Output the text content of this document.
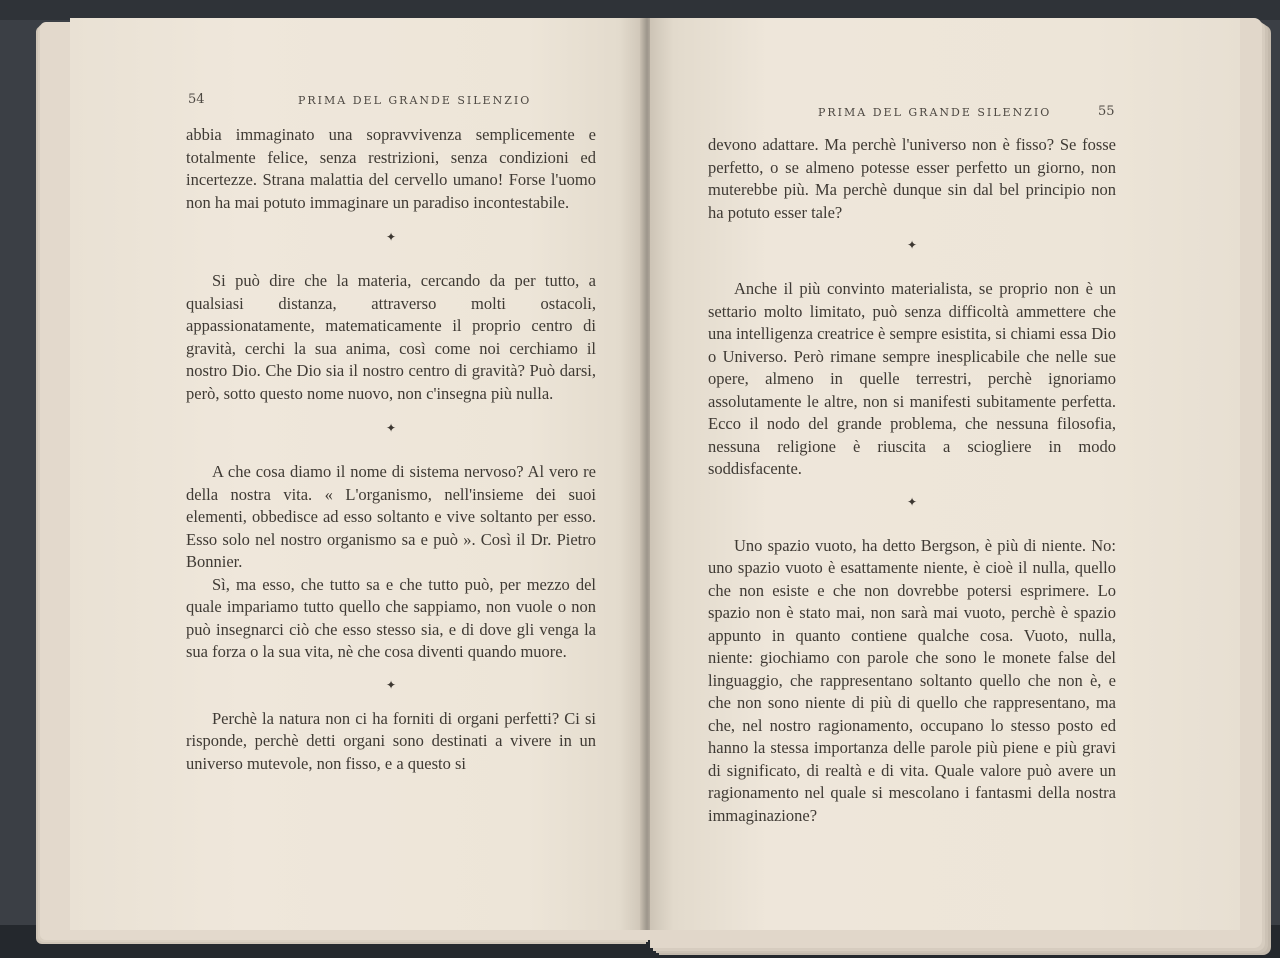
54	PRIMA DEL GRANDE SILENZIO

abbia immaginato una sopravvivenza semplicemente e totalmente felice, senza restrizioni, senza condizioni ed incertezze. Strana malattia del cervello umano! Forse l'uomo non ha mai potuto immaginare un paradiso incontestabile.

✦

Si può dire che la materia, cercando da per tutto, a qualsiasi distanza, attraverso molti ostacoli, appassionatamente, matematicamente il proprio centro di gravità, cerchi la sua anima, così come noi cerchiamo il nostro Dio. Che Dio sia il nostro centro di gravità? Può darsi, però, sotto questo nome nuovo, non c'insegna più nulla.

✦

A che cosa diamo il nome di sistema nervoso? Al vero re della nostra vita. « L'organismo, nell'insieme dei suoi elementi, obbedisce ad esso soltanto e vive soltanto per esso. Esso solo nel nostro organismo sa e può ». Così il Dr. Pietro Bonnier.

Sì, ma esso, che tutto sa e che tutto può, per mezzo del quale impariamo tutto quello che sappiamo, non vuole o non può insegnarci ciò che esso stesso sia, e di dove gli venga la sua forza o la sua vita, nè che cosa diventi quando muore.

✦

Perchè la natura non ci ha forniti di organi perfetti? Ci si risponde, perchè detti organi sono destinati a vivere in un universo mutevole, non fisso, e a questo si

PRIMA DEL GRANDE SILENZIO	55

devono adattare. Ma perchè l'universo non è fisso? Se fosse perfetto, o se almeno potesse esser perfetto un giorno, non muterebbe più. Ma perchè dunque sin dal bel principio non ha potuto esser tale?

✦

Anche il più convinto materialista, se proprio non è un settario molto limitato, può senza difficoltà ammettere che una intelligenza creatrice è sempre esistita, si chiami essa Dio o Universo. Però rimane sempre inesplicabile che nelle sue opere, almeno in quelle terrestri, perchè ignoriamo assolutamente le altre, non si manifesti subitamente perfetta. Ecco il nodo del grande problema, che nessuna filosofia, nessuna religione è riuscita a sciogliere in modo soddisfacente.

✦

Uno spazio vuoto, ha detto Bergson, è più di niente. No: uno spazio vuoto è esattamente niente, è cioè il nulla, quello che non esiste e che non dovrebbe potersi esprimere. Lo spazio non è stato mai, non sarà mai vuoto, perchè è spazio appunto in quanto contiene qualche cosa. Vuoto, nulla, niente: giochiamo con parole che sono le monete false del linguaggio, che rappresentano soltanto quello che non è, e che non sono niente di più di quello che rappresentano, ma che, nel nostro ragionamento, occupano lo stesso posto ed hanno la stessa importanza delle parole più piene e più gravi di significato, di realtà e di vita. Quale valore può avere un ragionamento nel quale si mescolano i fantasmi della nostra immaginazione?
